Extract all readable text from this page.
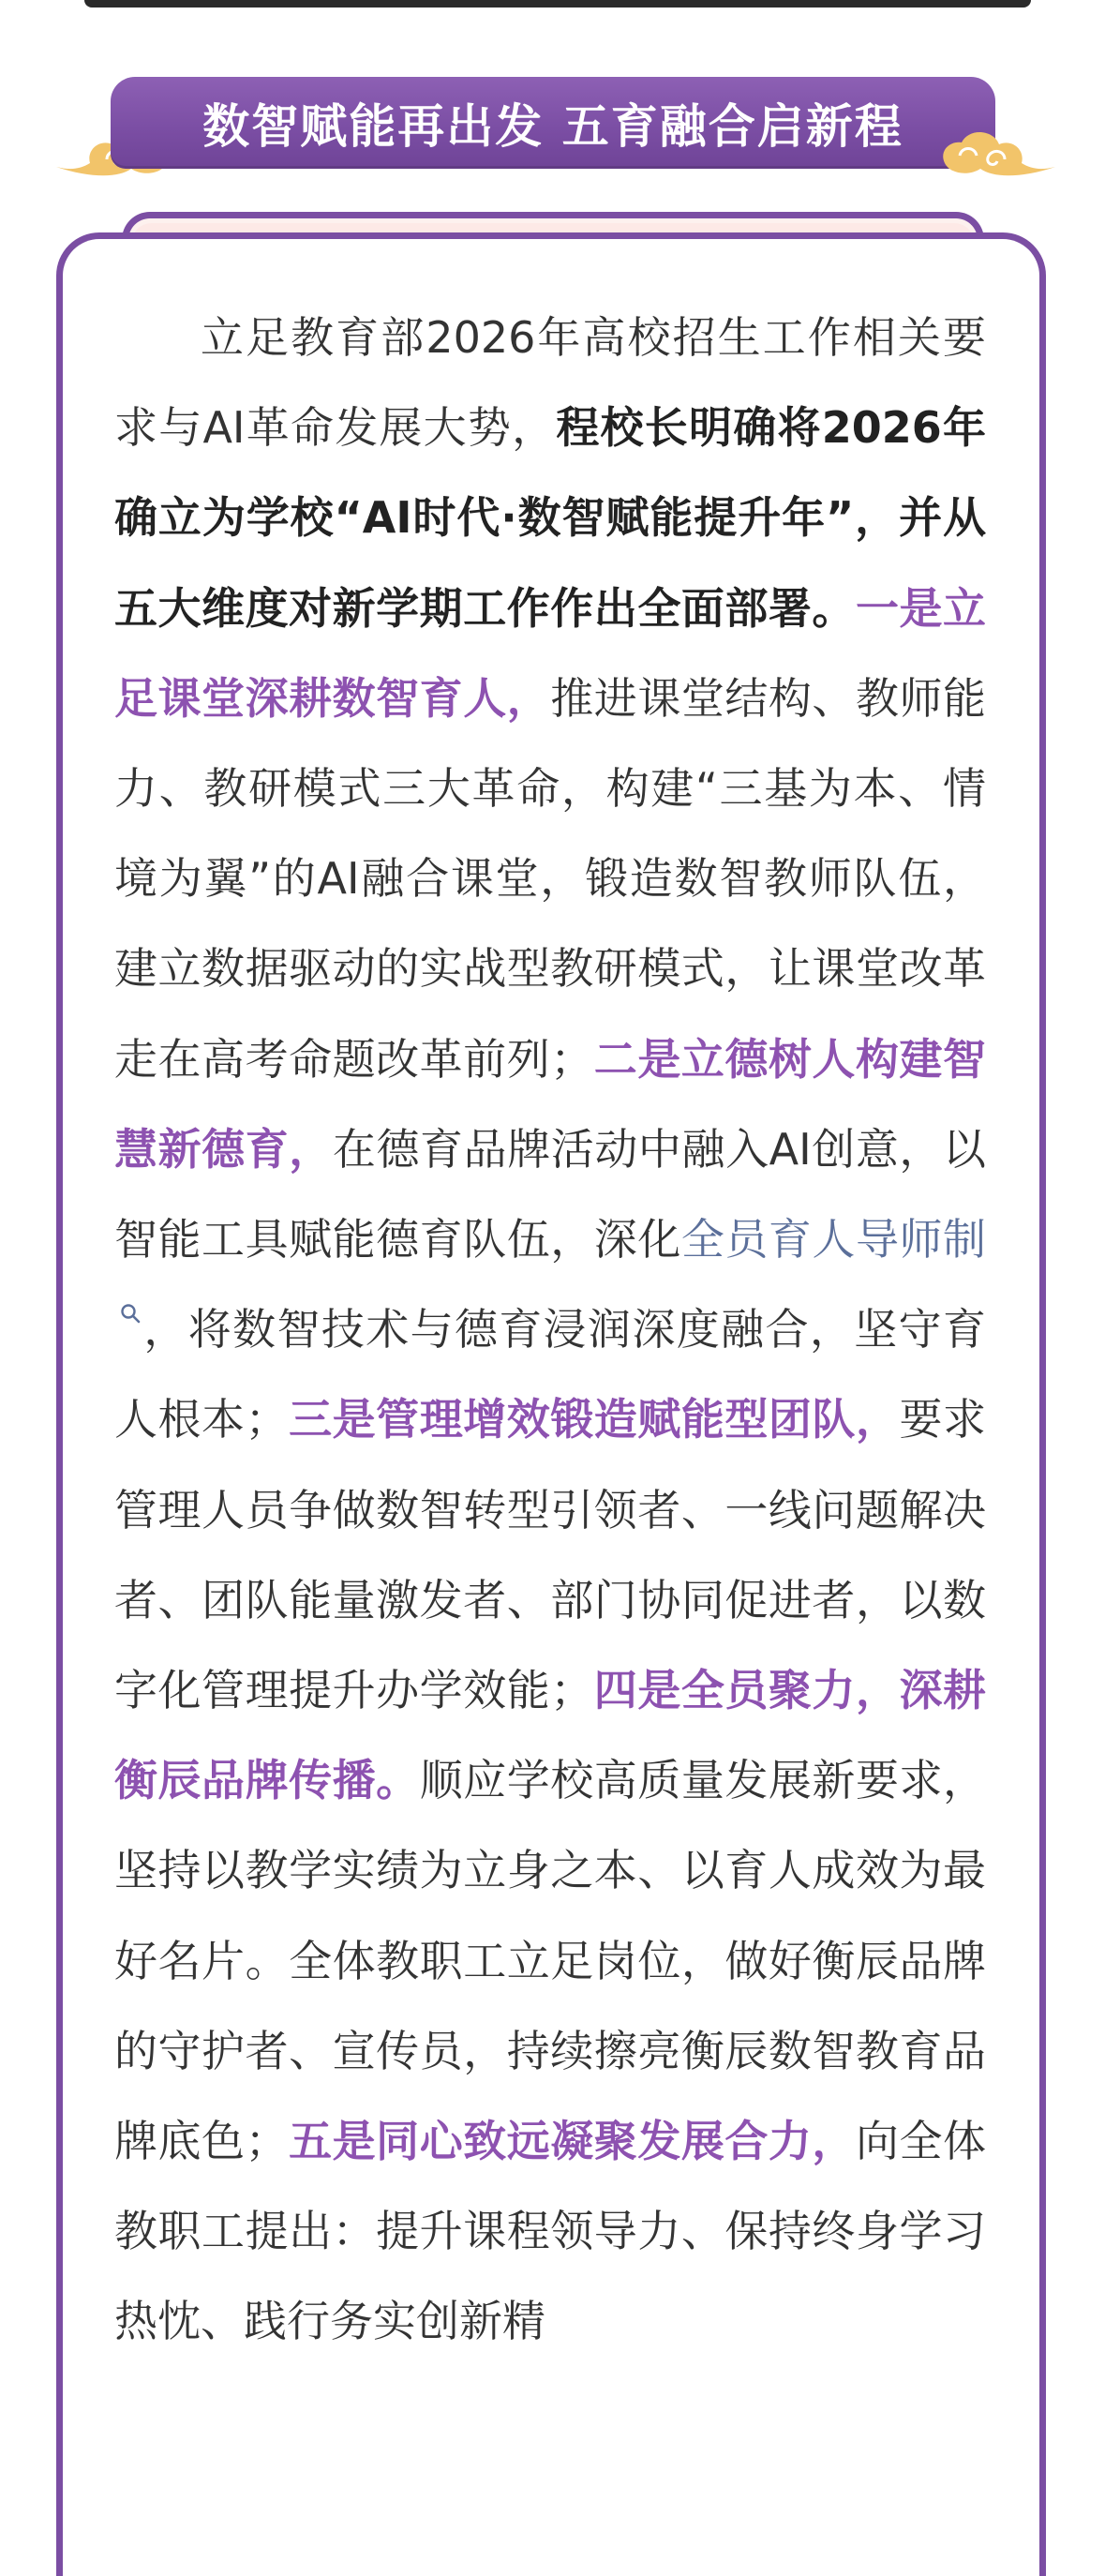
数智赋能再出发 五育融合启新程

立足教育部2026年高校招生工作相关要求与AI革命发展大势，程校长明确将2026年确立为学校“AI时代·数智赋能提升年”，并从五大维度对新学期工作作出全面部署。一是立足课堂深耕数智育人，推进课堂结构、教师能力、教研模式三大革命，构建“三基为本、情境为翼”的AI融合课堂，锻造数智教师队伍，建立数据驱动的实战型教研模式，让课堂改革走在高考命题改革前列；二是立德树人构建智慧新德育，在德育品牌活动中融入AI创意，以智能工具赋能德育队伍，深化全员育人导师制，将数智技术与德育浸润深度融合，坚守育人根本；三是管理增效锻造赋能型团队，要求管理人员争做数智转型引领者、一线问题解决者、团队能量激发者、部门协同促进者，以数字化管理提升办学效能；四是全员聚力，深耕衡辰品牌传播。顺应学校高质量发展新要求，坚持以教学实绩为立身之本、以育人成效为最好名片。全体教职工立足岗位，做好衡辰品牌的守护者、宣传员，持续擦亮衡辰数智教育品牌底色；五是同心致远凝聚发展合力，向全体教职工提出：提升课程领导力、保持终身学习热忱、践行务实创新精
